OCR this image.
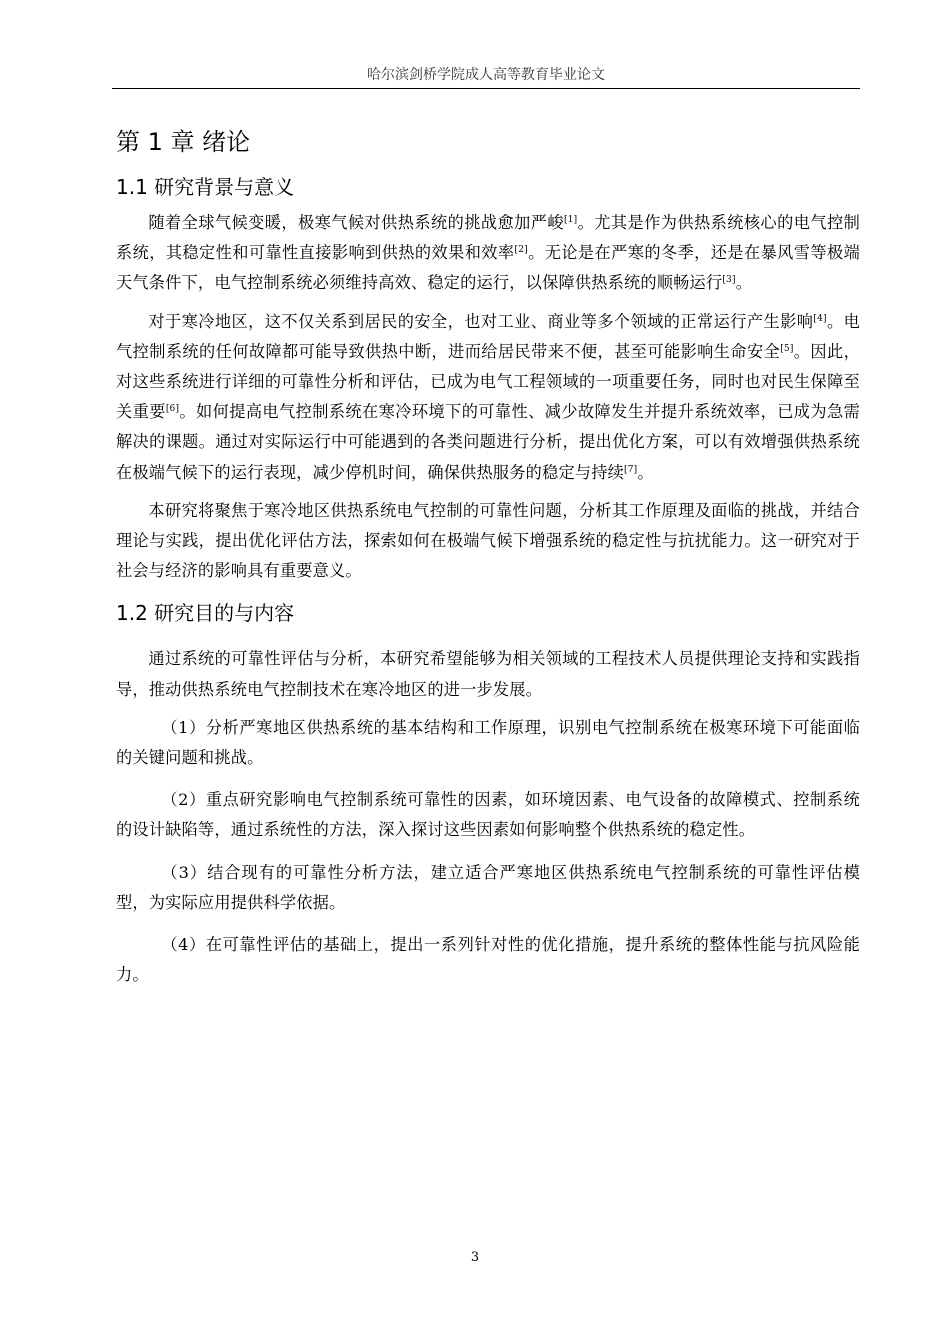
哈尔滨剑桥学院成人高等教育毕业论文
第 1 章 绪论
1.1 研究背景与意义

随着全球气候变暖，极寒气候对供热系统的挑战愈加严峻[1]。尤其是作为供热系统核心的电气控制系统，其稳定性和可靠性直接影响到供热的效果和效率[2]。无论是在严寒的冬季，还是在暴风雪等极端天气条件下，电气控制系统必须维持高效、稳定的运行，以保障供热系统的顺畅运行[3]。

对于寒冷地区，这不仅关系到居民的安全，也对工业、商业等多个领域的正常运行产生影响[4]。电气控制系统的任何故障都可能导致供热中断，进而给居民带来不便，甚至可能影响生命安全[5]。因此，对这些系统进行详细的可靠性分析和评估，已成为电气工程领域的一项重要任务，同时也对民生保障至关重要[6]。如何提高电气控制系统在寒冷环境下的可靠性、减少故障发生并提升系统效率，已成为急需解决的课题。通过对实际运行中可能遇到的各类问题进行分析，提出优化方案，可以有效增强供热系统在极端气候下的运行表现，减少停机时间，确保供热服务的稳定与持续[7]。

本研究将聚焦于寒冷地区供热系统电气控制的可靠性问题，分析其工作原理及面临的挑战，并结合理论与实践，提出优化评估方法，探索如何在极端气候下增强系统的稳定性与抗扰能力。这一研究对于社会与经济的影响具有重要意义。

1.2 研究目的与内容

通过系统的可靠性评估与分析，本研究希望能够为相关领域的工程技术人员提供理论支持和实践指导，推动供热系统电气控制技术在寒冷地区的进一步发展。

（1）分析严寒地区供热系统的基本结构和工作原理，识别电气控制系统在极寒环境下可能面临的关键问题和挑战。

（2）重点研究影响电气控制系统可靠性的因素，如环境因素、电气设备的故障模式、控制系统的设计缺陷等，通过系统性的方法，深入探讨这些因素如何影响整个供热系统的稳定性。

（3）结合现有的可靠性分析方法，建立适合严寒地区供热系统电气控制系统的可靠性评估模型，为实际应用提供科学依据。

（4）在可靠性评估的基础上，提出一系列针对性的优化措施，提升系统的整体性能与抗风险能力。

3
